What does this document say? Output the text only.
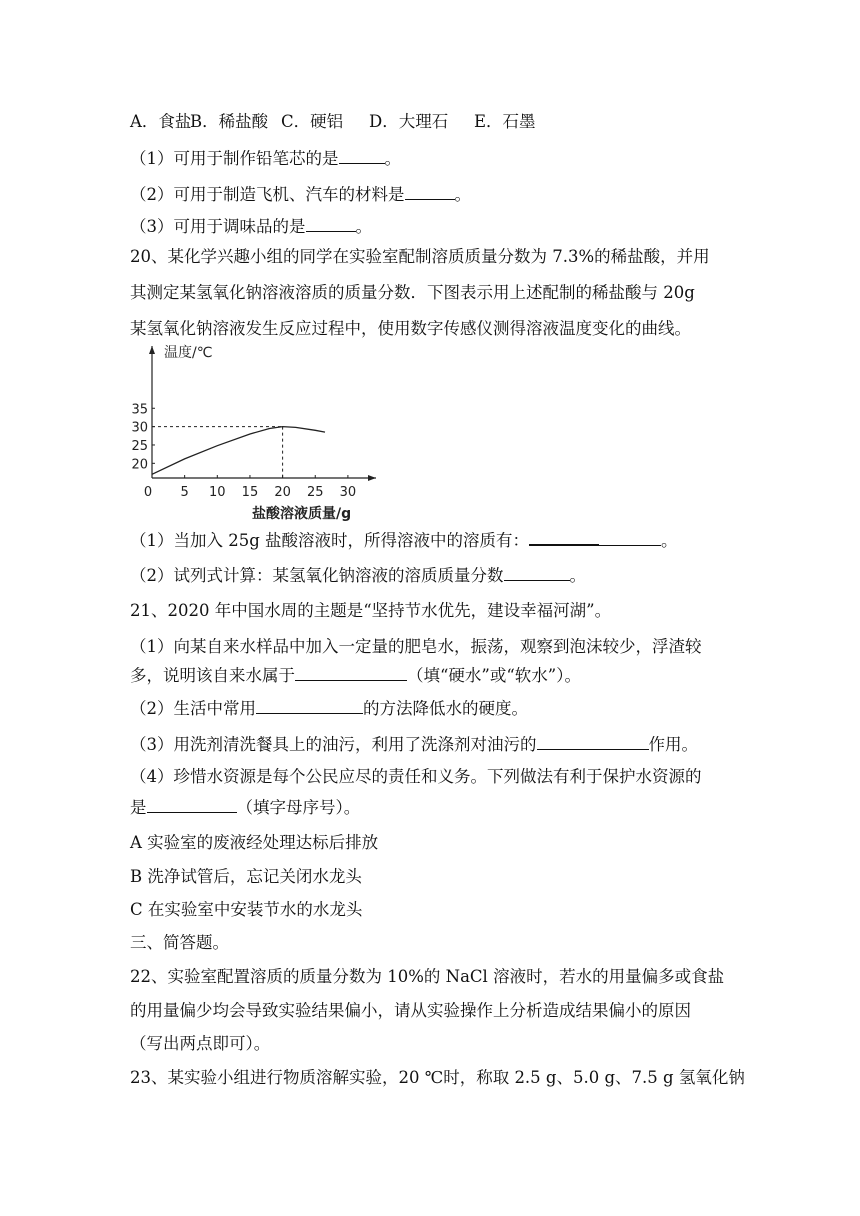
A．食盐B．稀盐酸 C．硬铝 D．大理石 E．石墨
（1）可用于制作铅笔芯的是	。
（2）可用于制造飞机、汽车的材料是	。
（3）可用于调味品的是	。
20、某化学兴趣小组的同学在实验室配制溶质质量分数为 7.3%的稀盐酸，并用
其测定某氢氧化钠溶液溶质的质量分数．下图表示用上述配制的稀盐酸与 20g
某氢氧化钠溶液发生反应过程中，使用数字传感仪测得溶液温度变化的曲线。
0 5 10 15 20 25 30
20
25
30
35
温度/℃
盐酸溶液质量/g
（1）当加入 25g 盐酸溶液时，所得溶液中的溶质有：	。
（2）试列式计算：某氢氧化钠溶液的溶质质量分数	。
21、2020 年中国水周的主题是“坚持节水优先，建设幸福河湖”。
（1）向某自来水样品中加入一定量的肥皂水，振荡，观察到泡沫较少，浮渣较
多，说明该自来水属于	（填“硬水”或“软水”）。
（2）生活中常用	的方法降低水的硬度。
（3）用洗剂清洗餐具上的油污，利用了洗涤剂对油污的	作用。
（4）珍惜水资源是每个公民应尽的责任和义务。下列做法有利于保护水资源的
是	（填字母序号）。
A 实验室的废液经处理达标后排放
B 洗净试管后，忘记关闭水龙头
C 在实验室中安装节水的水龙头
三、简答题。
22、实验室配置溶质的质量分数为 10%的 NaCl 溶液时，若水的用量偏多或食盐
的用量偏少均会导致实验结果偏小，请从实验操作上分析造成结果偏小的原因
（写出两点即可）。
23、某实验小组进行物质溶解实验，20 ℃时，称取 2.5 g、5.0 g、7.5 g 氢氧化钠
